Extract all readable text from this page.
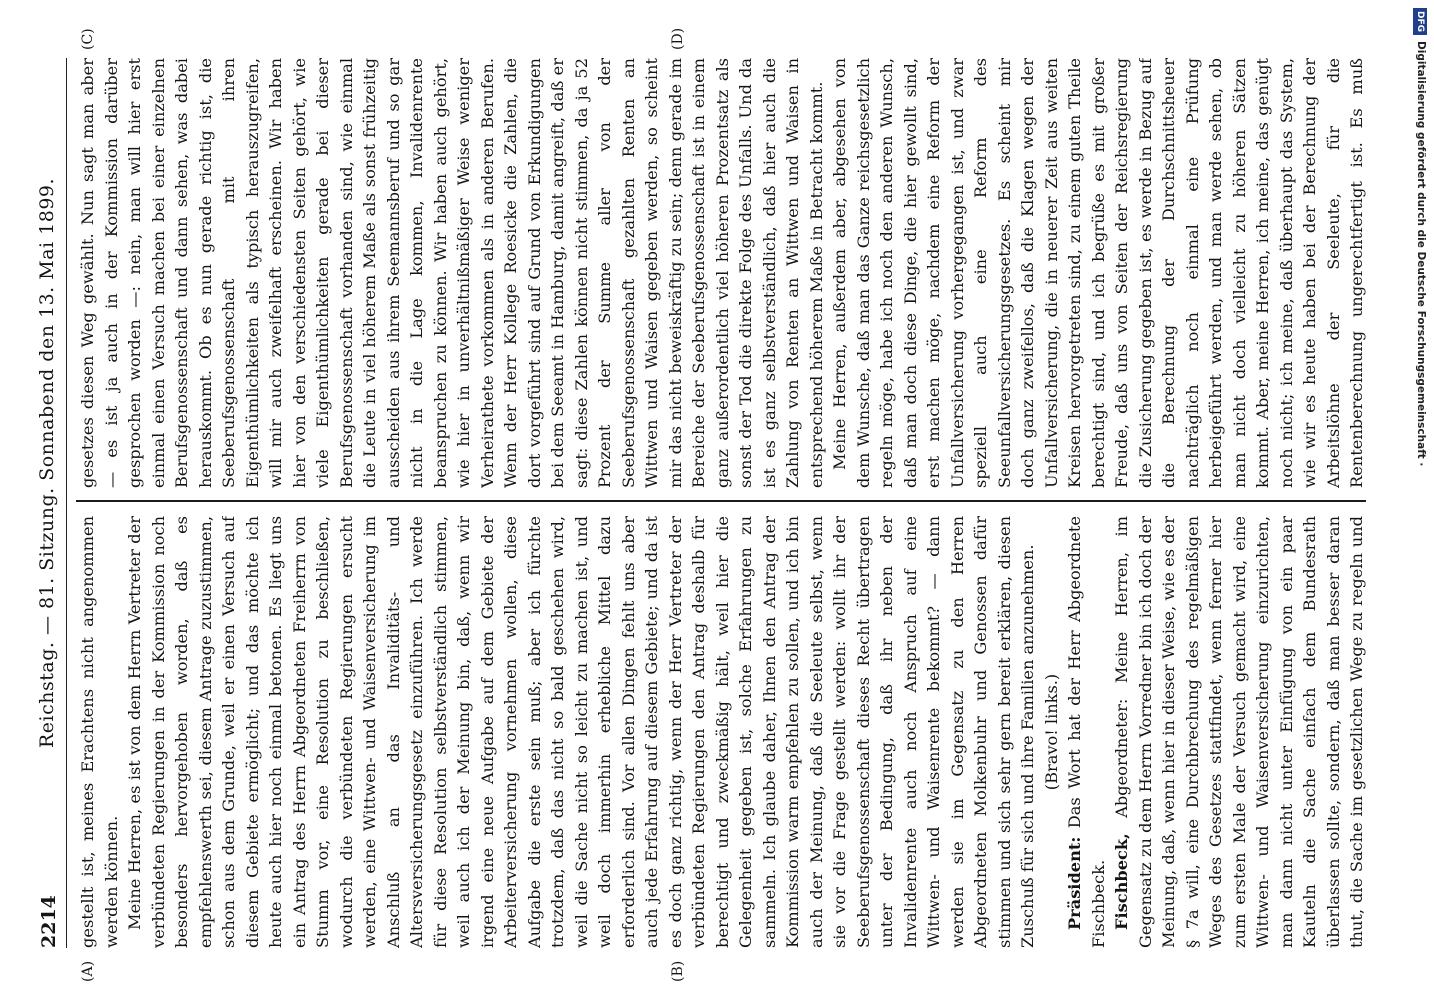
2214
Reichstag. — 81. Sitzung. Sonnabend den 13. Mai 1899.
(A)	(B)
(C)	(D)

gestellt ist, meines Erachtens nicht angenommen werden können. Meine Herren, es ist von dem Herrn Vertreter der verbündeten Regierungen in der Kommission noch besonders hervorgehoben worden, daß es empfehlenswerth sei, diesem Antrage zuzustimmen, schon aus dem Grunde, weil er einen Versuch auf diesem Gebiete ermöglicht; und das möchte ich heute auch hier noch einmal betonen. Es liegt uns ein Antrag des Herrn Abgeordneten Freiherrn von Stumm vor, eine Resolution zu beschließen, wodurch die verbündeten Regierungen ersucht werden, eine Wittwen- und Waisenversicherung im Anschluß an das Invaliditäts- und Altersversicherungsgesetz einzuführen. Ich werde für diese Resolution selbstverständlich stimmen, weil auch ich der Meinung bin, daß, wenn wir irgend eine neue Aufgabe auf dem Gebiete der Arbeiterversicherung vornehmen wollen, diese Aufgabe die erste sein muß; aber ich fürchte trotzdem, daß das nicht so bald geschehen wird, weil die Sache nicht so leicht zu machen ist, und weil doch immerhin erhebliche Mittel dazu erforderlich sind. Vor allen Dingen fehlt uns aber auch jede Erfahrung auf diesem Gebiete; und da ist es doch ganz richtig, wenn der Herr Vertreter der verbündeten Regierungen den Antrag deshalb für berechtigt und zweckmäßig hält, weil hier die Gelegenheit gegeben ist, solche Erfahrungen zu sammeln. Ich glaube daher, Ihnen den Antrag der Kommission warm empfehlen zu sollen, und ich bin auch der Meinung, daß die Seeleute selbst, wenn sie vor die Frage gestellt werden: wollt ihr der Seeberufsgenossenschaft dieses Recht übertragen unter der Bedingung, daß ihr neben der Invalidenrente auch noch Anspruch auf eine Wittwen- und Waisenrente bekommt? — dann werden sie im Gegensatz zu den Herren Abgeordneten Molkenbuhr und Genossen dafür stimmen und sich sehr gern bereit erklären, diesen Zuschuß für sich und ihre Familien anzunehmen. (Bravo! links.)

Präsident: Das Wort hat der Herr Abgeordnete Fischbeck. Fischbeck, Abgeordneter: Meine Herren, im Gegensatz zu dem Herrn Vorredner bin ich doch der Meinung, daß, wenn hier in dieser Weise, wie es der § 7a will, eine Durchbrechung des regelmäßigen Weges des Gesetzes stattfindet, wenn ferner hier zum ersten Male der Versuch gemacht wird, eine Wittwen- und Waisenversicherung einzurichten, man dann nicht unter Einfügung von ein paar Kauteln die Sache einfach dem Bundesrath überlassen sollte, sondern, daß man besser daran thut, die Sache im gesetzlichen Wege zu regeln und

gesetzes diesen Weg gewählt. Nun sagt man aber — es ist ja auch in der Kommission darüber gesprochen worden —: nein, man will hier erst einmal einen Versuch machen bei einer einzelnen Berufsgenossenschaft und dann sehen, was dabei herauskommt. Ob es nun gerade richtig ist, die Seeberufsgenossenschaft mit ihren Eigenthümlichkeiten als typisch herauszugreifen, will mir auch zweifelhaft erscheinen. Wir haben hier von den verschiedensten Seiten gehört, wie viele Eigenthümlichkeiten gerade bei dieser Berufsgenossenschaft vorhanden sind, wie einmal die Leute in viel höherem Maße als sonst frühzeitig ausscheiden aus ihrem Seemannsberuf und so gar nicht in die Lage kommen, Invalidenrente beanspruchen zu können. Wir haben auch gehört, wie hier in unverhältnißmäßiger Weise weniger Verheirathete vorkommen als in anderen Berufen. Wenn der Herr Kollege Roesicke die Zahlen, die dort vorgeführt sind auf Grund von Erkundigungen bei dem Seeamt in Hamburg, damit angreift, daß er sagt: diese Zahlen können nicht stimmen, da ja 52 Prozent der Summe aller von der Seeberufsgenossenschaft gezahlten Renten an Wittwen und Waisen gegeben werden, so scheint mir das nicht beweiskräftig zu sein; denn gerade im Bereiche der Seeberufsgenossenschaft ist in einem ganz außerordentlich viel höheren Prozentsatz als sonst der Tod die direkte Folge des Unfalls. Und da ist es ganz selbstverständlich, daß hier auch die Zahlung von Renten an Wittwen und Waisen in entsprechend höherem Maße in Betracht kommt. Meine Herren, außerdem aber, abgesehen von dem Wunsche, daß man das Ganze reichsgesetzlich regeln möge, habe ich noch den anderen Wunsch, daß man doch diese Dinge, die hier gewollt sind, erst machen möge, nachdem eine Reform der Unfallversicherung vorhergegangen ist, und zwar speziell auch eine Reform des Seeunfallversicherungsgesetzes. Es scheint mir doch ganz zweifellos, daß die Klagen wegen der Unfallversicherung, die in neuerer Zeit aus weiten Kreisen hervorgetreten sind, zu einem guten Theile berechtigt sind, und ich begrüße es mit großer Freude, daß uns von Seiten der Reichsregierung die Zusicherung gegeben ist, es werde in Bezug auf die Berechnung der Durchschnittsheuer nachträglich noch einmal eine Prüfung herbeigeführt werden, und man werde sehen, ob man nicht doch vielleicht zu höheren Sätzen kommt. Aber, meine Herren, ich meine, das genügt noch nicht; ich meine, daß überhaupt das System, wie wir es heute haben bei der Berechnung der Arbeitslöhne der Seeleute, für die Rentenberechnung ungerechtfertigt ist. Es muß

DFGDigitalisierung gefördert durch die Deutsche Forschungsgemeinschaft ·
